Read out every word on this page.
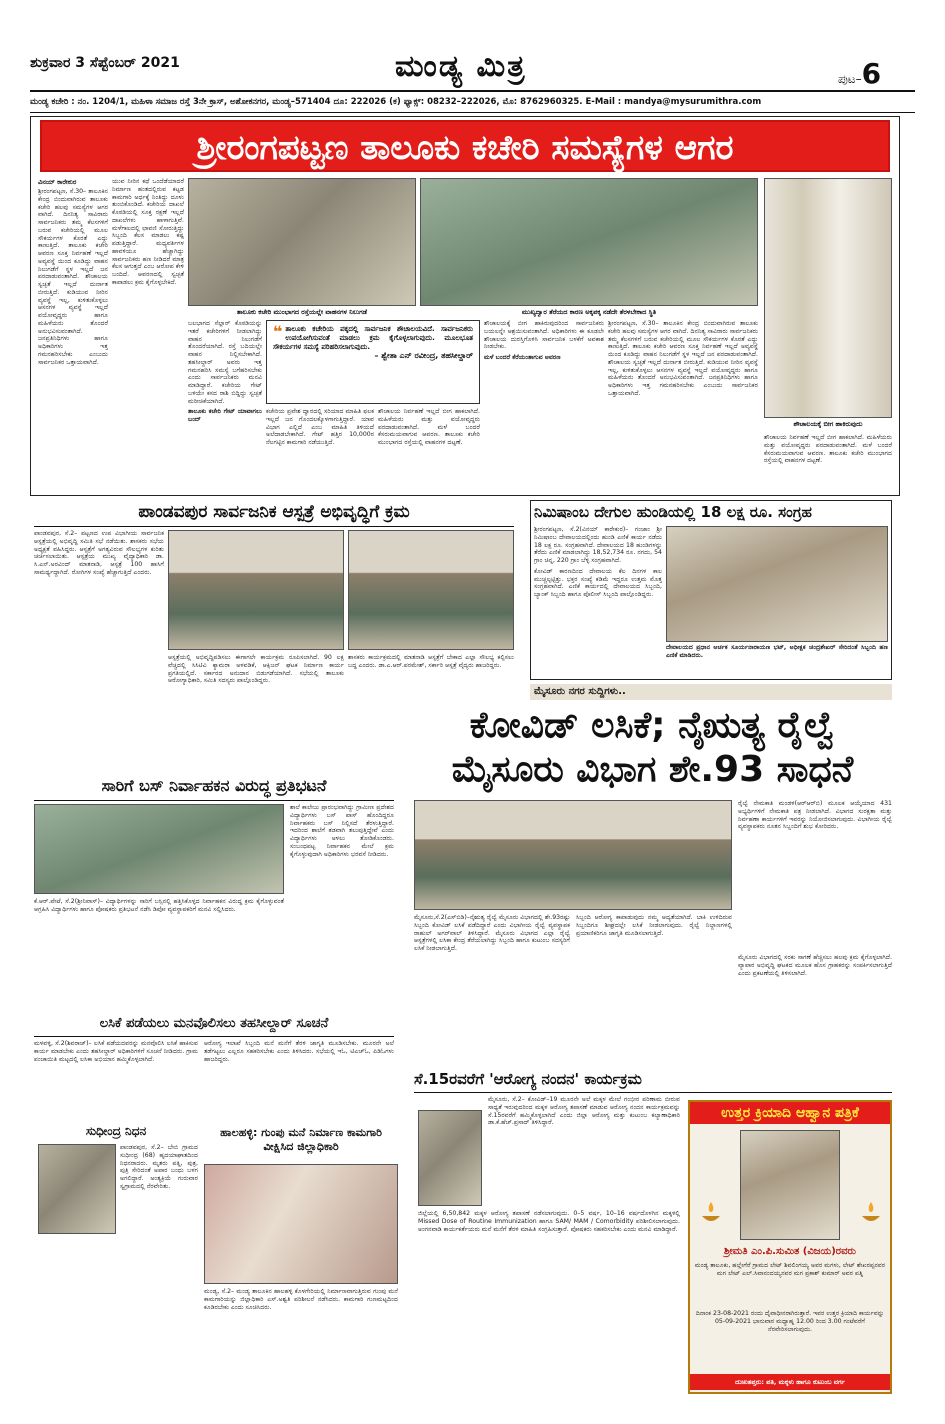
ಶುಕ್ರವಾರ 3 ಸೆಪ್ಟೆಂಬರ್ 2021	ಮಂಡ್ಯ ಮಿತ್ರ	ಪುಟ–6
ಮಂಡ್ಯ ಕಚೇರಿ : ನಂ. 1204/1, ಮಹಿಳಾ ಸಮಾಜ ರಸ್ತೆ 3ನೇ ಕ್ರಾಸ್, ಅಶೋಕನಗರ, ಮಂಡ್ಯ–571404 ದೂ: 222026 (ಕ) ಫ್ಯಾಕ್ಸ್: 08232–222026, ಮೊ: 8762960325. E-Mail : mandya@mysurumithra.com
ಶ್ರೀರಂಗಪಟ್ಟಣ ತಾಲೂಕು ಕಚೇರಿ ಸಮಸ್ಯೆಗಳ ಆಗರ
ವಿನಯ್ ಕಾರೇಕುರ
ಶ್ರೀರಂಗಪಟ್ಟಣ, ಸೆ.30– ತಾಲೂಕಿನ ಕೇಂದ್ರ ಬಿಂದುವಾಗಿರುವ ತಾಲೂಕು ಕಚೇರಿ ಹಲವು ಸಮಸ್ಯೆಗಳ ಆಗರ ವಾಗಿದೆ. ದಿನನಿತ್ಯ ಸಾವಿರಾರು ಸಾರ್ವಜನಿಕರು ತಮ್ಮ ಕೆಲಸಗಳಿಗೆ ಬರುವ ಕಚೇರಿಯಲ್ಲಿ ಮೂಲ ಸೌಕರ್ಯಗಳ ಕೊರತೆ ಎದ್ದು ಕಾಣುತ್ತಿದೆ. ತಾಲೂಕು ಕಚೇರಿ ಆವರಣ ಸೂಕ್ತ ನಿರ್ವಹಣೆ ಇಲ್ಲದೆ ಅವ್ಯವಸ್ಥೆ ಯಿಂದ ಕೂಡಿದ್ದು ವಾಹನ ನಿಲುಗಡೆಗೆ ಸ್ಥಳ ಇಲ್ಲದೆ ಜನ ಪರದಾಡುವಂತಾಗಿದೆ. ಶೌಚಾಲಯ ಸ್ವಚ್ಛತೆ ಇಲ್ಲದೆ ದುರ್ನಾತ ಬೀರುತ್ತಿದೆ. ಕುಡಿಯುವ ನೀರಿನ ವ್ಯವಸ್ಥೆ ಇಲ್ಲ, ಕುಳಿತುಕೊಳ್ಳಲು ಆಸನಗಳ ವ್ಯವಸ್ಥೆ ಇಲ್ಲದೆ ವಯೋವೃದ್ಧರು ಹಾಗೂ ಮಹಿಳೆಯರು ತೊಂದರೆ ಅನುಭವಿಸುವಂತಾಗಿದೆ. ಜನಪ್ರತಿನಿಧಿಗಳು ಹಾಗೂ ಅಧಿಕಾರಿಗಳು ಇತ್ತ ಗಮನಹರಿಸಬೇಕು ಎಂಬುದು ಸಾರ್ವಜನಿಕರ ಒತ್ತಾಯವಾಗಿದೆ.
ಯುವ ನೀರಿನ ಕಥೆ ಒಂದೆಡೆಯಾದರೆ ನಿರ್ಮಾಣ ಹಂತದಲ್ಲಿರುವ ಕಟ್ಟಡ ಕಾಮಗಾರಿ ಅರ್ಧಕ್ಕೆ ನಿಂತಿದ್ದು ದೂಳು ತುಂಬಿಕೊಂಡಿದೆ. ಕಚೇರಿಯ ದಾಖಲೆ ಕೊಠಡಿಯಲ್ಲಿ ಸೂಕ್ತ ರಕ್ಷಣೆ ಇಲ್ಲದೆ ದಾಖಲೆಗಳು ಹಾಳಾಗುತ್ತಿವೆ. ಮಳೆಗಾಲದಲ್ಲಿ ಛಾವಣಿ ಸೋರುತ್ತಿದ್ದು ಸಿಬ್ಬಂದಿ ಕೆಲಸ ಮಾಡಲು ಕಷ್ಟ ಪಡುತ್ತಿದ್ದಾರೆ. ಮಧ್ಯವರ್ತಿಗಳ ಹಾವಳಿಯೂ ಹೆಚ್ಚಾಗಿದ್ದು ಸಾರ್ವಜನಿಕರು ಹಣ ನೀಡಿದರೆ ಮಾತ್ರ ಕೆಲಸ ಆಗುತ್ತದೆ ಎಂಬ ಆರೋಪ ಕೇಳಿ ಬಂದಿದೆ. ಆವರಣದಲ್ಲಿ ಸ್ವಚ್ಛತೆ ಕಾಪಾಡಲು ಕ್ರಮ ಕೈಗೊಳ್ಳಬೇಕಿದೆ.
ತಾಲೂಕು ಕಚೇರಿ ಮುಂಭಾಗದ ರಸ್ತೆಯಲ್ಲೇ ವಾಹನಗಳ ನಿಲುಗಡೆ	ಮುಖ್ಯದ್ವಾರ ತೆರೆಯದ ಕಾರಣ ಅಕ್ಕಪಕ್ಕ ನಡೆದೇ ತೆರಳಬೇಕಾದ ಸ್ಥಿತಿ
ಶೌಚಾಲಯಕ್ಕೆ ಬೀಗ ಹಾಕಿರುವುದು
ಬಲಭಾಗದ ಸೆಲ್ಲಾರ್ ಕೊಠಡಿಯನ್ನು ಇತರೆ ಕಚೇರಿಗಳಿಗೆ ನೀಡಲಾಗಿದ್ದು ವಾಹನ ನಿಲುಗಡೆಗೆ ತೊಂದರೆಯಾಗಿದೆ. ರಸ್ತೆ ಬದಿಯಲ್ಲೇ ವಾಹನ ನಿಲ್ಲಿಸಬೇಕಾಗಿದೆ. ತಹಸೀಲ್ದಾರ್ ಅವರು ಇತ್ತ ಗಮನಹರಿಸಿ ಸಮಸ್ಯೆ ಬಗೆಹರಿಸಬೇಕು ಎಂದು ಸಾರ್ವಜನಿಕರು ಮನವಿ ಮಾಡಿದ್ದಾರೆ. ಕಚೇರಿಯ ಗೇಟ್ ಬಳಿಯೇ ಕಸದ ರಾಶಿ ಬಿದ್ದಿದ್ದು ಸ್ವಚ್ಛತೆ ಮರೀಚಿಕೆಯಾಗಿದೆ.
ತಾಲೂಕು ಕಚೇರಿ ಗೇಟ್ ಯಾವಾಗಲು ಬಂದ್
❝ ತಾಲೂಕು ಕಚೇರಿಯ ಪಕ್ಕದಲ್ಲಿ ಸಾರ್ವಜನಿಕ ಶೌಚಾಲಯವಿದೆ. ಸಾರ್ವಜನಿಕರು ಉಪಯೋಗಿಸುವಂತೆ ಮಾಡಲು ಕ್ರಮ ಕೈಗೊಳ್ಳಲಾಗುವುದು. ಮೂಲಭೂತ ಸೌಕರ್ಯಗಳ ಸಮಸ್ಯೆ ಪರಿಹರಿಸಲಾಗುವುದು.
– ಶ್ವೇತಾ ಎನ್ ರವೀಂದ್ರ, ತಹಸೀಲ್ದಾರ್
ಕಚೇರಿಯ ಪ್ರವೇಶ ದ್ವಾರದಲ್ಲಿ ಸರಿಯಾದ ಮಾಹಿತಿ ಫಲಕ ಇಲ್ಲದೆ ಜನ ಗೊಂದಲಕ್ಕೊಳಗಾಗುತ್ತಿದ್ದಾರೆ. ಯಾವ ವಿಭಾಗ ಎಲ್ಲಿದೆ ಎಂಬ ಮಾಹಿತಿ ತಿಳಿಯದೆ ಅಲೆದಾಡಬೇಕಾಗಿದೆ. ಗೇಟ್ ಹತ್ತಿರ 10,000ರ ನೆಲಗಟ್ಟಿನ ಕಾಮಗಾರಿ ನಡೆಯುತ್ತಿದೆ.
ಶೌಚಾಲಯ ನಿರ್ವಹಣೆ ಇಲ್ಲದೆ ಬೀಗ ಹಾಕಲಾಗಿದೆ. ಮಹಿಳೆಯರು ಮತ್ತು ವಯೋವೃದ್ಧರು ಪರದಾಡುವಂತಾಗಿದೆ. ಮಳೆ ಬಂದರೆ ಕೆಸರುಮಯವಾಗುವ ಆವರಣ. ತಾಲೂಕು ಕಚೇರಿ ಮುಂಭಾಗದ ರಸ್ತೆಯಲ್ಲಿ ವಾಹನಗಳ ದಟ್ಟಣೆ.
ಶೌಚಾಲಯಕ್ಕೆ ಬೀಗ ಹಾಕಿರುವುದರಿಂದ ಸಾರ್ವಜನಿಕರು ಬಯಲನ್ನೇ ಆಶ್ರಯಿಸುವಂತಾಗಿದೆ. ಅಧಿಕಾರಿಗಳು ಈ ಕೂಡಲೇ ಶೌಚಾಲಯ ದುರಸ್ತಿಗೊಳಿಸಿ ಸಾರ್ವಜನಿಕ ಬಳಕೆಗೆ ಅವಕಾಶ ನೀಡಬೇಕು.
ಮಳೆ ಬಂದರೆ ಕೆರೆಯಂತಾಗುವ ಆವರಣ
ಶ್ರೀರಂಗಪಟ್ಟಣ, ಸೆ.30– ತಾಲೂಕಿನ ಕೇಂದ್ರ ಬಿಂದುವಾಗಿರುವ ತಾಲೂಕು ಕಚೇರಿ ಹಲವು ಸಮಸ್ಯೆಗಳ ಆಗರ ವಾಗಿದೆ. ದಿನನಿತ್ಯ ಸಾವಿರಾರು ಸಾರ್ವಜನಿಕರು ತಮ್ಮ ಕೆಲಸಗಳಿಗೆ ಬರುವ ಕಚೇರಿಯಲ್ಲಿ ಮೂಲ ಸೌಕರ್ಯಗಳ ಕೊರತೆ ಎದ್ದು ಕಾಣುತ್ತಿದೆ. ತಾಲೂಕು ಕಚೇರಿ ಆವರಣ ಸೂಕ್ತ ನಿರ್ವಹಣೆ ಇಲ್ಲದೆ ಅವ್ಯವಸ್ಥೆ ಯಿಂದ ಕೂಡಿದ್ದು ವಾಹನ ನಿಲುಗಡೆಗೆ ಸ್ಥಳ ಇಲ್ಲದೆ ಜನ ಪರದಾಡುವಂತಾಗಿದೆ. ಶೌಚಾಲಯ ಸ್ವಚ್ಛತೆ ಇಲ್ಲದೆ ದುರ್ನಾತ ಬೀರುತ್ತಿದೆ. ಕುಡಿಯುವ ನೀರಿನ ವ್ಯವಸ್ಥೆ ಇಲ್ಲ, ಕುಳಿತುಕೊಳ್ಳಲು ಆಸನಗಳ ವ್ಯವಸ್ಥೆ ಇಲ್ಲದೆ ವಯೋವೃದ್ಧರು ಹಾಗೂ ಮಹಿಳೆಯರು ತೊಂದರೆ ಅನುಭವಿಸುವಂತಾಗಿದೆ. ಜನಪ್ರತಿನಿಧಿಗಳು ಹಾಗೂ ಅಧಿಕಾರಿಗಳು ಇತ್ತ ಗಮನಹರಿಸಬೇಕು ಎಂಬುದು ಸಾರ್ವಜನಿಕರ ಒತ್ತಾಯವಾಗಿದೆ.
ಶೌಚಾಲಯ ನಿರ್ವಹಣೆ ಇಲ್ಲದೆ ಬೀಗ ಹಾಕಲಾಗಿದೆ. ಮಹಿಳೆಯರು ಮತ್ತು ವಯೋವೃದ್ಧರು ಪರದಾಡುವಂತಾಗಿದೆ. ಮಳೆ ಬಂದರೆ ಕೆಸರುಮಯವಾಗುವ ಆವರಣ. ತಾಲೂಕು ಕಚೇರಿ ಮುಂಭಾಗದ ರಸ್ತೆಯಲ್ಲಿ ವಾಹನಗಳ ದಟ್ಟಣೆ.
ಪಾಂಡವಪುರ ಸಾರ್ವಜನಿಕ ಆಸ್ಪತ್ರೆ ಅಭಿವೃದ್ಧಿಗೆ ಕ್ರಮ
ಪಾಂಡವಪುರ, ಸೆ.2– ಪಟ್ಟಣದ ಉಪ ವಿಭಾಗೀಯ ಸಾರ್ವಜನಿಕ ಆಸ್ಪತ್ರೆಯಲ್ಲಿ ಅಭಿವೃದ್ಧಿ ಸಮಿತಿ ಸಭೆ ನಡೆಯಿತು. ಶಾಸಕರು ಸಭೆಯ ಅಧ್ಯಕ್ಷತೆ ವಹಿಸಿದ್ದರು. ಆಸ್ಪತ್ರೆಗೆ ಅಗತ್ಯವಿರುವ ಸೌಲಭ್ಯಗಳ ಕುರಿತು ಚರ್ಚಿಸಲಾಯಿತು. ಆಸ್ಪತ್ರೆಯ ಮುಖ್ಯ ವೈದ್ಯಾಧಿಕಾರಿ ಡಾ. ಸಿ.ಎನ್.ಅರವಿಂದ್ ಮಾತನಾಡಿ, ಆಸ್ಪತ್ರೆ 100 ಹಾಸಿಗೆ ಸಾಮರ್ಥ್ಯದ್ದಾಗಿದೆ. ರೋಗಿಗಳ ಸಂಖ್ಯೆ ಹೆಚ್ಚಾಗುತ್ತಿದೆ ಎಂದರು.
ಆಸ್ಪತ್ರೆಯಲ್ಲಿ ಅಭಿವೃದ್ಧಿಪಡಿಸಲು ಈಗಾಗಲೇ ಕಾರ್ಯಕ್ರಮ ರೂಪಿಸಲಾಗಿದೆ. 90 ಲಕ್ಷ ವೆಚ್ಚದಲ್ಲಿ ಸಿಸಿಟಿವಿ ಕ್ಯಾಮರಾ ಅಳವಡಿಕೆ, ಆಕ್ಸಿಜನ್ ಘಟಕ ನಿರ್ಮಾಣ ಕಾರ್ಯ ಪ್ರಗತಿಯಲ್ಲಿದೆ. ಸರ್ಕಾರದ ಅನುದಾನ ಬಿಡುಗಡೆಯಾಗಿದೆ. ಸಭೆಯಲ್ಲಿ ತಾಲೂಕು ಆರೋಗ್ಯಾಧಿಕಾರಿ, ಸಮಿತಿ ಸದಸ್ಯರು ಪಾಲ್ಗೊಂಡಿದ್ದರು.
ಶಾಸಕರು ಕಾರ್ಯಕ್ರಮದಲ್ಲಿ ಮಾತನಾಡಿ ಆಸ್ಪತ್ರೆಗೆ ಬೇಕಾದ ಎಲ್ಲಾ ಸೌಲಭ್ಯ ಕಲ್ಪಿಸಲು ಬದ್ಧ ಎಂದರು. ಡಾ.ಎ.ಆರ್.ಪರಮೇಶ್, ಸರ್ಕಾರಿ ಆಸ್ಪತ್ರೆ ವೈದ್ಯರು ಹಾಜರಿದ್ದರು.
ನಿಮಿಷಾಂಬ ದೇಗುಲ ಹುಂಡಿಯಲ್ಲಿ 18 ಲಕ್ಷ ರೂ. ಸಂಗ್ರಹ
ಶ್ರೀರಂಗಪಟ್ಟಣ, ಸೆ.2(ವಿನಯ್ ಕಾರೇಕುರ)– ಗಂಜಾಂ ಶ್ರೀ ನಿಮಿಷಾಂಬ ದೇವಾಲಯದಲ್ಲಿಂದು ಹುಂಡಿ ಎಣಿಕೆ ಕಾರ್ಯ ನಡೆದು 18 ಲಕ್ಷ ರೂ. ಸಂಗ್ರಹವಾಗಿದೆ. ದೇವಾಲಯದ 18 ಹುಂಡಿಗಳನ್ನು ತೆರೆದು ಎಣಿಕೆ ಮಾಡಲಾಗಿದ್ದು 18,52,734 ರೂ. ನಗದು, 54 ಗ್ರಾಂ ಚಿನ್ನ, 220 ಗ್ರಾಂ ಬೆಳ್ಳಿ ಸಂಗ್ರಹವಾಗಿದೆ.
ಕೋವಿಡ್ ಕಾರಣದಿಂದ ದೇವಾಲಯ ಕೆಲ ದಿನಗಳ ಕಾಲ ಮುಚ್ಚಲ್ಪಟ್ಟಿತ್ತು. ಭಕ್ತರ ಸಂಖ್ಯೆ ಕಡಿಮೆ ಇದ್ದರೂ ಉತ್ತಮ ಮೊತ್ತ ಸಂಗ್ರಹವಾಗಿದೆ. ಎಣಿಕೆ ಕಾರ್ಯದಲ್ಲಿ ದೇವಾಲಯದ ಸಿಬ್ಬಂದಿ, ಬ್ಯಾಂಕ್ ಸಿಬ್ಬಂದಿ ಹಾಗೂ ಪೊಲೀಸ್ ಸಿಬ್ಬಂದಿ ಪಾಲ್ಗೊಂಡಿದ್ದರು.
ದೇವಾಲಯದ ಪ್ರಧಾನ ಅರ್ಚಕ ಸೂರ್ಯನಾರಾಯಣ ಭಟ್, ಅಧೀಕ್ಷಕ ಚಂದ್ರಶೇಖರ್ ಸೇರಿದಂತೆ ಸಿಬ್ಬಂದಿ ಹಣ ಎಣಿಕೆ ಮಾಡಿದರು.
ಮೈಸೂರು ನಗರ ಸುದ್ದಿಗಳು..
ಕೋವಿಡ್ ಲಸಿಕೆ; ನೈಋತ್ಯ ರೈಲ್ವೆ
ಮೈಸೂರು ವಿಭಾಗ ಶೇ.93 ಸಾಧನೆ
ಮೈಸೂರು,ಸೆ.2(ಎಸ್‌ಬಿಡಿ)–ನೈಋತ್ಯ ರೈಲ್ವೆ ಮೈಸೂರು ವಿಭಾಗದಲ್ಲಿ ಶೇ.93ರಷ್ಟು ಸಿಬ್ಬಂದಿ ಕೋವಿಡ್ ಲಸಿಕೆ ಪಡೆದಿದ್ದಾರೆ ಎಂದು ವಿಭಾಗೀಯ ರೈಲ್ವೆ ವ್ಯವಸ್ಥಾಪಕ ರಾಹುಲ್ ಅಗರ್‌ವಾಲ್ ತಿಳಿಸಿದ್ದಾರೆ. ಮೈಸೂರು ವಿಭಾಗದ ಎಲ್ಲಾ ರೈಲ್ವೆ ಆಸ್ಪತ್ರೆಗಳಲ್ಲಿ ಲಸಿಕಾ ಕೇಂದ್ರ ತೆರೆಯಲಾಗಿದ್ದು ಸಿಬ್ಬಂದಿ ಹಾಗೂ ಕುಟುಂಬ ಸದಸ್ಯರಿಗೆ ಲಸಿಕೆ ನೀಡಲಾಗುತ್ತಿದೆ.
ಸಿಬ್ಬಂದಿ ಆರೋಗ್ಯ ಕಾಪಾಡುವುದು ನಮ್ಮ ಆದ್ಯತೆಯಾಗಿದೆ. ಬಾಕಿ ಉಳಿದಿರುವ ಸಿಬ್ಬಂದಿಗೂ ಶೀಘ್ರದಲ್ಲೇ ಲಸಿಕೆ ನೀಡಲಾಗುವುದು. ರೈಲ್ವೆ ನಿಲ್ದಾಣಗಳಲ್ಲಿ ಪ್ರಯಾಣಿಕರಿಗೂ ಜಾಗೃತಿ ಮೂಡಿಸಲಾಗುತ್ತಿದೆ.
ರೈಲ್ವೆ ನೇಮಕಾತಿ ಮಂಡಳಿ(ಆರ್‌ಆರ್‌ಬಿ) ಮೂಲಕ ಆಯ್ಕೆಯಾದ 431 ಅಭ್ಯರ್ಥಿಗಳಿಗೆ ನೇಮಕಾತಿ ಪತ್ರ ನೀಡಲಾಗಿದೆ. ವಿಭಾಗದ ಸುರಕ್ಷತಾ ಮತ್ತು ನಿರ್ವಹಣಾ ಕಾರ್ಯಗಳಿಗೆ ಇವರನ್ನು ನಿಯೋಜಿಸಲಾಗುವುದು. ವಿಭಾಗೀಯ ರೈಲ್ವೆ ವ್ಯವಸ್ಥಾಪಕರು ನೂತನ ಸಿಬ್ಬಂದಿಗೆ ಶುಭ ಕೋರಿದರು.
ಮೈಸೂರು ವಿಭಾಗದಲ್ಲಿ ಸರಕು ಸಾಗಣೆ ಹೆಚ್ಚಿಸಲು ಹಲವು ಕ್ರಮ ಕೈಗೊಳ್ಳಲಾಗಿದೆ. ವ್ಯಾಪಾರ ಅಭಿವೃದ್ಧಿ ಘಟಕದ ಮೂಲಕ ಹೊಸ ಗ್ರಾಹಕರನ್ನು ಸಂಪರ್ಕಿಸಲಾಗುತ್ತಿದೆ ಎಂದು ಪ್ರಕಟಣೆಯಲ್ಲಿ ತಿಳಿಸಲಾಗಿದೆ.
ಸಾರಿಗೆ ಬಸ್ ನಿರ್ವಾಹಕನ ವಿರುದ್ಧ ಪ್ರತಿಭಟನೆ
ಕೆ.ಆರ್.ಪೇಟೆ, ಸೆ.2(ಶ್ರೀನಿವಾಸ್)– ವಿದ್ಯಾರ್ಥಿಗಳನ್ನು ಸಾರಿಗೆ ಬಸ್ಸಿನಲ್ಲಿ ಹತ್ತಿಸಿಕೊಳ್ಳದ ನಿರ್ವಾಹಕನ ವಿರುದ್ಧ ಕ್ರಮ ಕೈಗೊಳ್ಳುವಂತೆ ಆಗ್ರಹಿಸಿ ವಿದ್ಯಾರ್ಥಿಗಳು ಹಾಗೂ ಪೋಷಕರು ಪ್ರತಿಭಟನೆ ನಡೆಸಿ ಡಿಪೋ ವ್ಯವಸ್ಥಾಪಕರಿಗೆ ಮನವಿ ಸಲ್ಲಿಸಿದರು.
ಶಾಲೆ ಕಾಲೇಜು ಪ್ರಾರಂಭವಾಗಿದ್ದು ಗ್ರಾಮೀಣ ಪ್ರದೇಶದ ವಿದ್ಯಾರ್ಥಿಗಳು ಬಸ್ ಪಾಸ್ ಹೊಂದಿದ್ದರೂ ನಿರ್ವಾಹಕರು ಬಸ್ ನಿಲ್ಲಿಸದೆ ತೆರಳುತ್ತಿದ್ದಾರೆ. ಇದರಿಂದ ಶಾಲೆಗೆ ತಡವಾಗಿ ತಲುಪುತ್ತಿದ್ದೇವೆ ಎಂದು ವಿದ್ಯಾರ್ಥಿಗಳು ಅಳಲು ತೋಡಿಕೊಂಡರು. ಸಂಬಂಧಪಟ್ಟ ನಿರ್ವಾಹಕನ ಮೇಲೆ ಕ್ರಮ ಕೈಗೊಳ್ಳುವುದಾಗಿ ಅಧಿಕಾರಿಗಳು ಭರವಸೆ ನೀಡಿದರು.
ಲಸಿಕೆ ಪಡೆಯಲು ಮನವೊಲಿಸಲು ತಹಸೀಲ್ದಾರ್ ಸೂಚನೆ
ಮಳವಳ್ಳಿ, ಸೆ.2(ಶಿವರಾಜ್)– ಲಸಿಕೆ ಪಡೆಯದವರನ್ನು ಮನವೊಲಿಸಿ ಲಸಿಕೆ ಹಾಕಿಸುವ ಕಾರ್ಯ ಮಾಡಬೇಕು ಎಂದು ತಹಸೀಲ್ದಾರ್ ಅಧಿಕಾರಿಗಳಿಗೆ ಸೂಚನೆ ನೀಡಿದರು. ಗ್ರಾಮ ಪಂಚಾಯಿತಿ ಮಟ್ಟದಲ್ಲಿ ಲಸಿಕಾ ಅಭಿಯಾನ ಹಮ್ಮಿಕೊಳ್ಳಲಾಗಿದೆ.
ಆರೋಗ್ಯ ಇಲಾಖೆ ಸಿಬ್ಬಂದಿ ಮನೆ ಮನೆಗೆ ತೆರಳಿ ಜಾಗೃತಿ ಮೂಡಿಸಬೇಕು. ಮೂರನೇ ಅಲೆ ತಡೆಗಟ್ಟಲು ಎಲ್ಲರೂ ಸಹಕರಿಸಬೇಕು ಎಂದು ತಿಳಿಸಿದರು. ಸಭೆಯಲ್ಲಿ ಇಓ, ಟಿಎಚ್‌ಓ, ಪಿಡಿಓಗಳು ಹಾಜರಿದ್ದರು.
ಸುಧೀಂದ್ರ ನಿಧನ
ಪಾಂಡವಪುರ, ಸೆ.2– ಬೇಬಿ ಗ್ರಾಮದ ಸುಧೀಂದ್ರ (68) ಹೃದಯಾಘಾತದಿಂದ ನಿಧನರಾದರು. ಮೃತರು ಪತ್ನಿ, ಪುತ್ರ, ಪುತ್ರಿ ಸೇರಿದಂತೆ ಅಪಾರ ಬಂಧು ಬಳಗ ಅಗಲಿದ್ದಾರೆ. ಅಂತ್ಯಕ್ರಿಯೆ ಗುರುವಾರ ಸ್ವಗ್ರಾಮದಲ್ಲಿ ನೆರವೇರಿತು.
ಹಾಲಹಳ್ಳಿ: ಗುಂಪು ಮನೆ ನಿರ್ಮಾಣ ಕಾಮಗಾರಿ ವೀಕ್ಷಿಸಿದ ಜಿಲ್ಲಾಧಿಕಾರಿ
ಮಂಡ್ಯ, ಸೆ.2– ಮಂಡ್ಯ ತಾಲೂಕಿನ ಹಾಲಹಳ್ಳಿ ಕೊಳಗೇರಿಯಲ್ಲಿ ನಿರ್ಮಾಣವಾಗುತ್ತಿರುವ ಗುಂಪು ಮನೆ ಕಾಮಗಾರಿಯನ್ನು ಜಿಲ್ಲಾಧಿಕಾರಿ ಎಸ್.ಅಶ್ವತಿ ಪರಿಶೀಲನೆ ನಡೆಸಿದರು. ಕಾಮಗಾರಿ ಗುಣಮಟ್ಟದಿಂದ ಕೂಡಿರಬೇಕು ಎಂದು ಸೂಚಿಸಿದರು.
ಸೆ.15ರವರೆಗೆ 'ಆರೋಗ್ಯ ನಂದನ' ಕಾರ್ಯಕ್ರಮ
ಮೈಸೂರು, ಸೆ.2– ಕೋವಿಡ್–19 ಮೂರನೇ ಅಲೆ ಮಕ್ಕಳ ಮೇಲೆ ಗಂಭೀರ ಪರಿಣಾಮ ಬೀರುವ ಸಾಧ್ಯತೆ ಇರುವುದರಿಂದ ಮಕ್ಕಳ ಆರೋಗ್ಯ ತಪಾಸಣೆ ಮಾಡುವ ಆರೋಗ್ಯ ನಂದನ ಕಾರ್ಯಕ್ರಮವನ್ನು ಸೆ.15ರವರೆಗೆ ಹಮ್ಮಿಕೊಳ್ಳಲಾಗಿದೆ ಎಂದು ಜಿಲ್ಲಾ ಆರೋಗ್ಯ ಮತ್ತು ಕುಟುಂಬ ಕಲ್ಯಾಣಾಧಿಕಾರಿ ಡಾ.ಕೆ.ಹೆಚ್.ಪ್ರಸಾದ್ ತಿಳಿಸಿದ್ದಾರೆ.
ಜಿಲ್ಲೆಯಲ್ಲಿ 6,50,842 ಮಕ್ಕಳ ಆರೋಗ್ಯ ತಪಾಸಣೆ ನಡೆಸಲಾಗುವುದು. 0–5 ವರ್ಷ, 10–16 ವರ್ಷದೊಳಗಿನ ಮಕ್ಕಳಲ್ಲಿ Missed Dose of Routine Immunization ಹಾಗೂ SAM/ MAM / Comorbidity ಪರಿಶೀಲಿಸಲಾಗುವುದು. ಅಂಗನವಾಡಿ ಕಾರ್ಯಕರ್ತೆಯರು ಮನೆ ಮನೆಗೆ ತೆರಳಿ ಮಾಹಿತಿ ಸಂಗ್ರಹಿಸುತ್ತಾರೆ. ಪೋಷಕರು ಸಹಕರಿಸಬೇಕು ಎಂದು ಮನವಿ ಮಾಡಿದ್ದಾರೆ.
ಉತ್ತರ ಕ್ರಿಯಾದಿ ಆಹ್ವಾನ ಪತ್ರಿಕೆ
ಶ್ರೀಮತಿ ಎಂ.ಪಿ.ಸುಮಿತ (ವಿಜಯ)ರವರು
ಮಂಡ್ಯ ತಾಲೂಕು, ಹಲ್ಲೇಗೆರೆ ಗ್ರಾಮದ ಲೇಟ್ ಶಿವಲಿಂಗಯ್ಯ ಅವರ ಮಗಳು, ಲೇಟ್ ಶೇಖರಪ್ಪನವರ ಮಗ ಲೇಟ್ ಎಲ್.ಸಿವಾನಂದಯ್ಯನವರ ಮಗ ಪ್ರಕಾಶ್ ಕುಮಾರ್ ಅವರ ಪತ್ನಿ
ದಿನಾಂಕ 23-08-2021 ರಂದು ದೈವಾಧೀನರಾಗಿರುತ್ತಾರೆ. ಇವರ ಉತ್ತರ ಕ್ರಿಯಾದಿ ಕಾರ್ಯವನ್ನು 05-09-2021 ಭಾನುವಾರ ಮಧ್ಯಾಹ್ನ 12.00 ರಿಂದ 3.00 ಗಂಟೆವರೆಗೆ ನೆರವೇರಿಸಲಾಗುವುದು.
ದುಃಖತಪ್ತರು: ಪತಿ, ಮಕ್ಕಳು ಹಾಗೂ ಕುಟುಂಬ ವರ್ಗ
